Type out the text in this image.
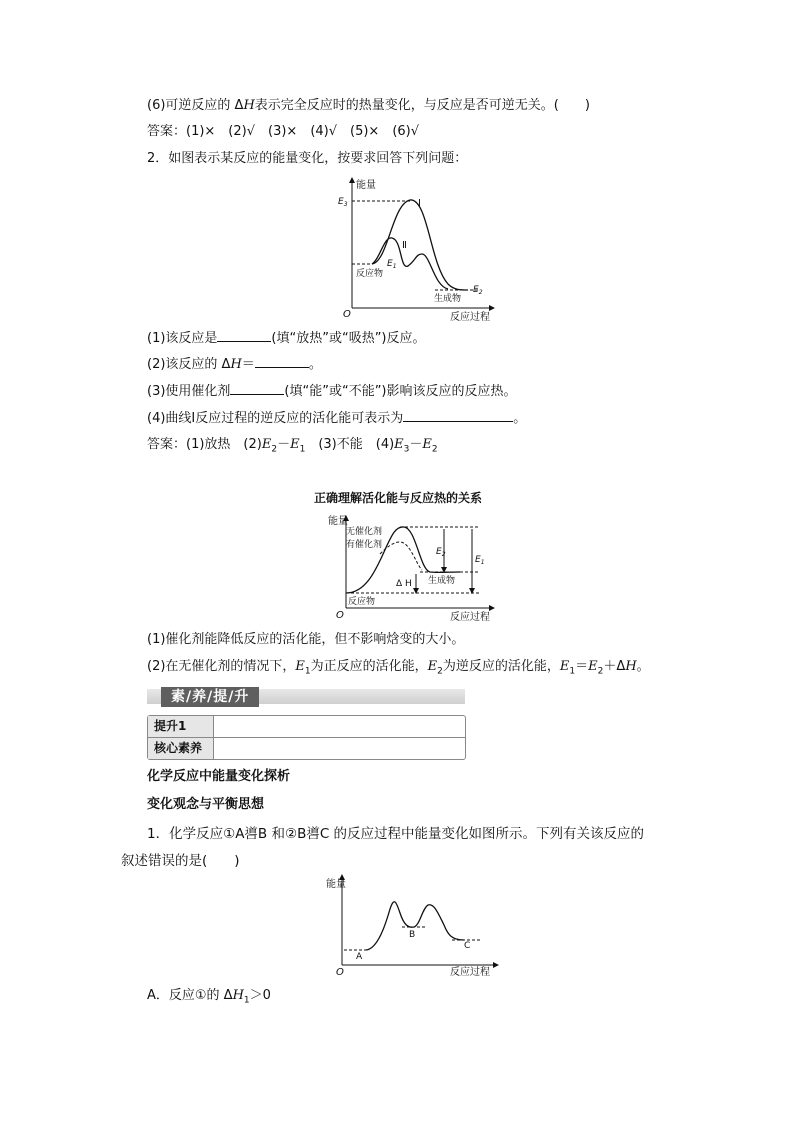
(6)可逆反应的 ΔH表示完全反应时的热量变化，与反应是否可逆无关。(　　)
答案：(1)×　(2)√　(3)×　(4)√　(5)×　(6)√
2．如图表示某反应的能量变化，按要求回答下列问题：
能量
反应过程
O
$E_3$	Ⅰ
Ⅱ
$E_1$
反应物
生成物
$E_2$
(1)该反应是	(填“放热”或“吸热”)反应。
(2)该反应的 ΔH＝	。
(3)使用催化剂	(填“能”或“不能”)影响该反应的反应热。
(4)曲线Ⅰ反应过程的逆反应的活化能可表示为	。
答案：(1)放热　$(2)E_2-E_1$　(3)不能　$(4)E_3-E_2$
正确理解活化能与反应热的关系
能量
反应过程
O
无催化剂
有催化剂
$E_2$
$E_1$
Δ H 生成物
反应物
(1)催化剂能降低反应的活化能，但不影响焓变的大小。
(2)在无催化剂的情况下，$E_1$为正反应的活化能，$E_2$为逆反应的活化能，$E_1=E_2+\Delta H$。
素/养/提/升
提升1
核心素养
化学反应中能量变化探析
变化观念与平衡思想
1．化学反应①A噵B 和②B噵C 的反应过程中能量变化如图所示。下列有关该反应的
叙述错误的是(　　)
能量
反应过程
O
A
B
C
A．反应①的 $\Delta H_1>0$
